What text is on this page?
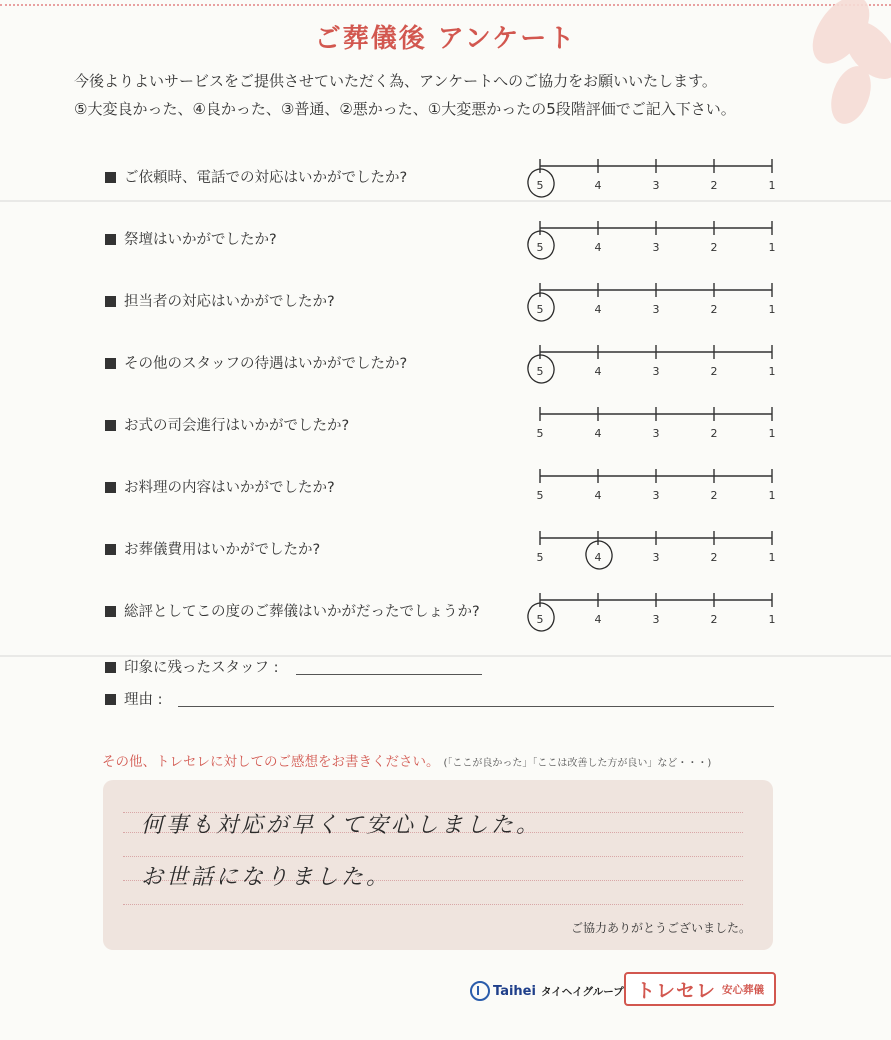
ご葬儀後 アンケート
今後よりよいサービスをご提供させていただく為、アンケートへのご協力をお願いいたします。
⑤大変良かった、④良かった、③普通、②悪かった、①大変悪かったの5段階評価でご記入下さい。
ご依頼時、電話での対応はいかがでしたか?	5	4	3	2	1
祭壇はいかがでしたか?	5	4	3	2	1
担当者の対応はいかがでしたか?	5	4	3	2	1
その他のスタッフの待遇はいかがでしたか?	5	4	3	2	1
お式の司会進行はいかがでしたか?	5	4	3	2	1
お料理の内容はいかがでしたか?	5	4	3	2	1
お葬儀費用はいかがでしたか?	5	4	3	2	1
総評としてこの度のご葬儀はいかがだったでしょうか?	5	4	3	2	1
印象に残ったスタッフ :
理由 :
その他、トレセレに対してのご感想をお書きください。 (「ここが良かった」「ここは改善した方が良い」など・・・)
何事も対応が早くて安心しました。
お世話になりました。
ご協力ありがとうございました。
Taihei タイヘイグループ トレセレ 安心葬儀
